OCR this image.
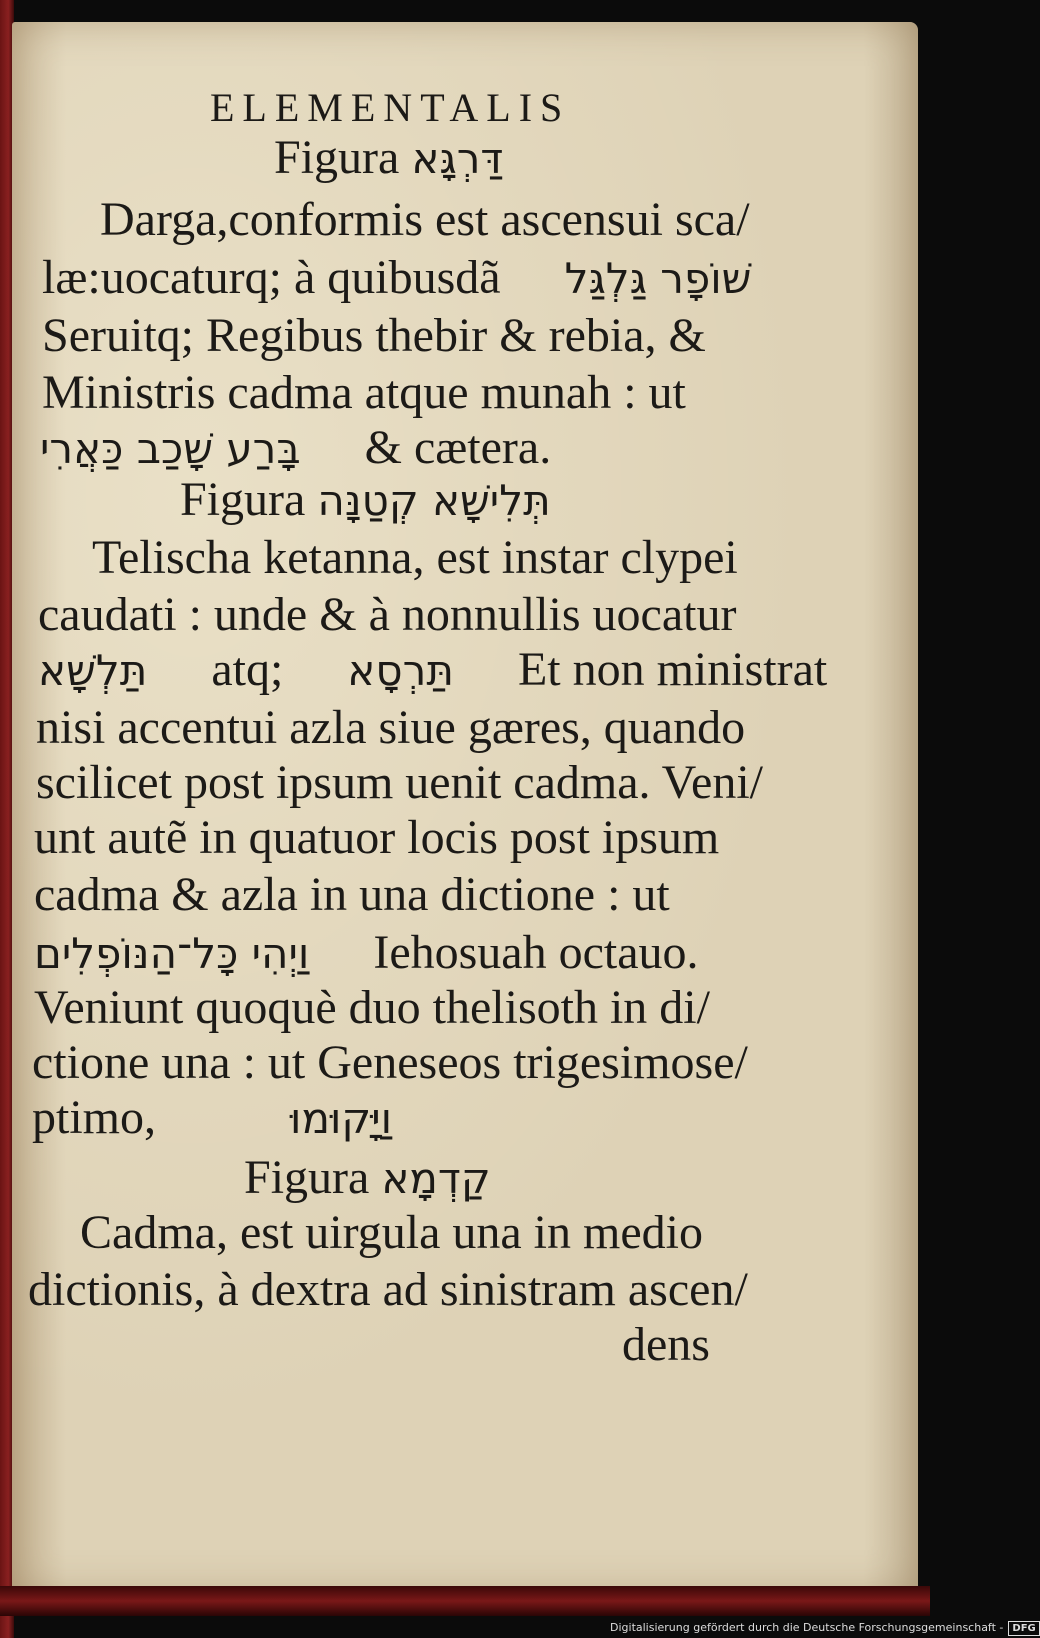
ELEMENTALIS
Figura דַּרְגָּא
Darga,conformis est ascensui sca/
læ:uocaturq; à quibusdã שׁוֹפָר גַּלְגַּל
Seruitq; Regibus thebir & rebia, &
Ministris cadma atque munah : ut
בָּרַע שָׁכַב כַּאֲרִי & cætera.
Figura תְּלִישָׁא קְטַנָּה
Telischa ketanna, est instar clypei
caudati : unde & à nonnullis uocatur
תַּלְשָׁא atq; תַּרְסָא Et non ministrat
nisi accentui azla siue gæres, quando
scilicet post ipsum uenit cadma. Veni/
unt autẽ in quatuor locis post ipsum
cadma & azla in una dictione : ut
וַיְהִי כָּל־הַנּוֹפְלִים Iehosuah octauo.
Veniunt quoquè duo thelisoth in di/
ctione una : ut Geneseos trigesimose/
ptimo,	וַיָּקוּמוּ
Figura קַדְמָא
Cadma, est uirgula una in medio
dictionis, à dextra ad sinistram ascen/
dens
Digitalisierung gefördert durch die Deutsche Forschungsgemeinschaft - DFG
